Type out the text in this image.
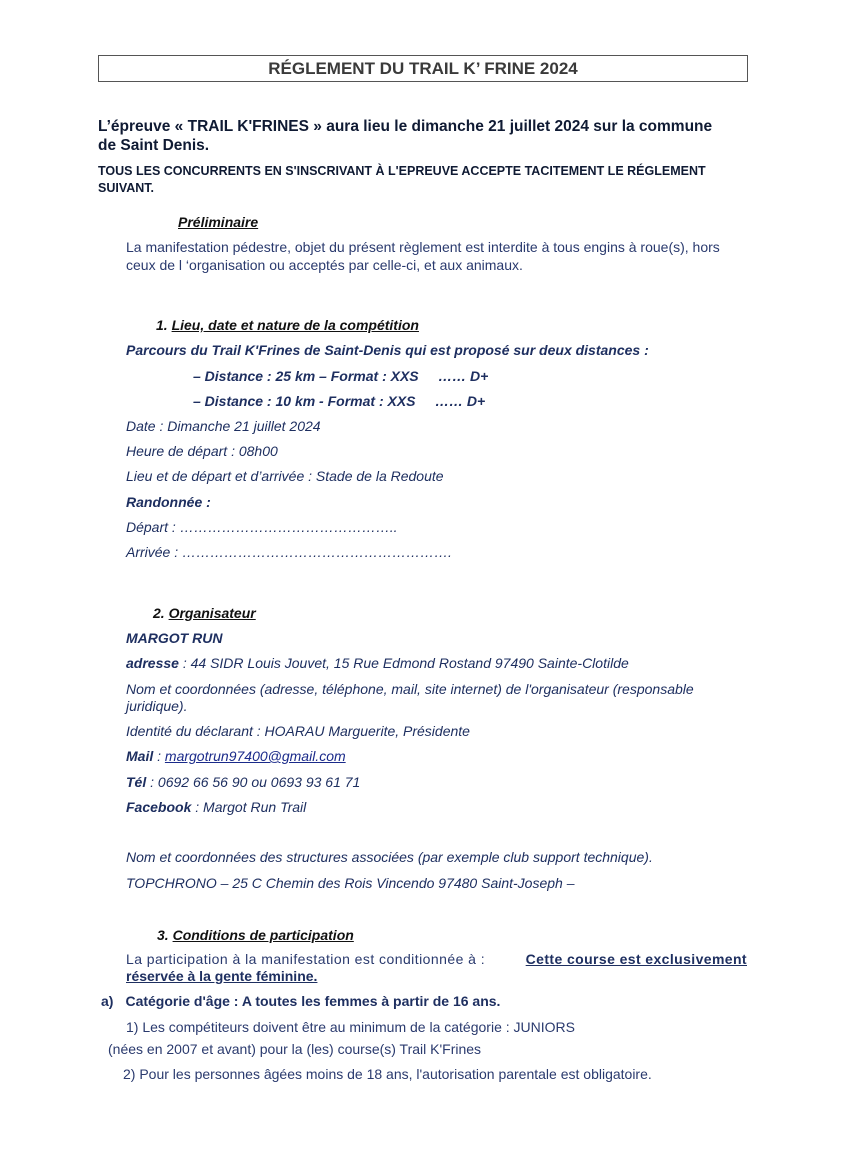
RÉGLEMENT DU TRAIL K’ FRINE 2024
L’épreuve « TRAIL K'FRINES » aura lieu le dimanche 21 juillet 2024 sur la commune
de Saint Denis.
TOUS LES CONCURRENTS EN S'INSCRIVANT À L'EPREUVE ACCEPTE TACITEMENT LE RÉGLEMENT
SUIVANT.
Préliminaire
La manifestation pédestre, objet du présent règlement est interdite à tous engins à roue(s), hors
ceux de l ‘organisation ou acceptés par celle-ci, et aux animaux.
1. Lieu, date et nature de la compétition
Parcours du Trail K'Frines de Saint-Denis qui est proposé sur deux distances :
– Distance : 25 km – Format : XXS     …… D+
– Distance : 10 km - Format : XXS     …… D+
Date : Dimanche 21 juillet 2024
Heure de départ : 08h00
Lieu et de départ et d’arrivée : Stade de la Redoute
Randonnée :
Départ : ………………………………………..
Arrivée : ………………………………………………….
2. Organisateur
MARGOT RUN
adresse : 44 SIDR Louis Jouvet, 15 Rue Edmond Rostand 97490 Sainte-Clotilde
Nom et coordonnées (adresse, téléphone, mail, site internet) de l'organisateur (responsable
juridique).
Identité du déclarant : HOARAU Marguerite, Présidente
Mail : margotrun97400@gmail.com
Tél : 0692 66 56 90 ou 0693 93 61 71
Facebook : Margot Run Trail
Nom et coordonnées des structures associées (par exemple club support technique).
TOPCHRONO – 25 C Chemin des Rois Vincendo 97480 Saint-Joseph –
3. Conditions de participation
La participation à la manifestation est conditionnée à :	Cette course est exclusivement
réservée à la gente féminine.
a) Catégorie d'âge : A toutes les femmes à partir de 16 ans.
1) Les compétiteurs doivent être au minimum de la catégorie : JUNIORS
(nées en 2007 et avant) pour la (les) course(s) Trail K'Frines
2) Pour les personnes âgées moins de 18 ans, l'autorisation parentale est obligatoire.
